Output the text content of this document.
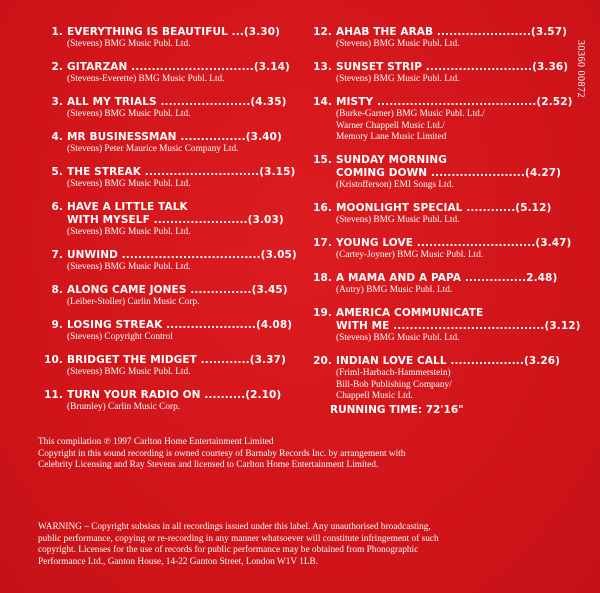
1. EVERYTHING IS BEAUTIFUL ...(3.30)
(Stevens) BMG Music Publ. Ltd.
2. GITARZAN ..............................(3.14)
(Stevens-Everette) BMG Music Publ. Ltd.
3. ALL MY TRIALS ......................(4.35)
(Stevens) BMG Music Publ. Ltd.
4. MR BUSINESSMAN ................(3.40)
(Stevens) Peter Maurice Music Company Ltd.
5. THE STREAK ............................(3.15)
(Stevens) BMG Music Publ. Ltd.
6. HAVE A LITTLE TALK
WITH MYSELF .......................(3.03)
(Stevens) BMG Music Publ. Ltd.
7. UNWIND ..................................(3.05)
(Stevens) BMG Music Publ. Ltd.
8. ALONG CAME JONES ...............(3.45)
(Leiber-Stoller) Carlin Music Corp.
9. LOSING STREAK ......................(4.08)
(Stevens) Copyright Control
10. BRIDGET THE MIDGET ............(3.37)
(Stevens) BMG Music Publ. Ltd.
11. TURN YOUR RADIO ON ..........(2.10)
(Brumley) Carlin Music Corp.
12. AHAB THE ARAB .......................(3.57)
(Stevens) BMG Music Publ. Ltd.
13. SUNSET STRIP ..........................(3.36)
(Stevens) BMG Music Publ. Ltd.
14. MISTY .......................................(2.52)
(Burke-Garner) BMG Music Publ. Ltd./
Warner Chappell Music Ltd./
Memory Lane Music Limited
15. SUNDAY MORNING
COMING DOWN .......................(4.27)
(Kristofferson) EMI Songs Ltd.
16. MOONLIGHT SPECIAL ............(5.12)
(Stevens) BMG Music Publ. Ltd.
17. YOUNG LOVE .............................(3.47)
(Cartey-Joyner) BMG Music Publ. Ltd.
18. A MAMA AND A PAPA ...............2.48)
(Autry) BMG Music Publ. Ltd.
19. AMERICA COMMUNICATE
WITH ME .....................................(3.12)
(Stevens) BMG Music Publ. Ltd.
20. INDIAN LOVE CALL ..................(3.26)
(Friml-Harbach-Hammerstein)
Bill-Bob Publishing Company/
Chappell Music Ltd.
RUNNING TIME: 72'16"
30360 00872

This compilation ℗ 1997 Carlton Home Entertainment Limited

Copyright in this sound recording is owned courtesy of Barnaby Records Inc. by arrangement with

Celebrity Licensing and Ray Stevens and licensed to Carlton Home Entertainment Limited.

WARNING – Copyright subsists in all recordings issued under this label. Any unauthorised broadcasting,

public performance, copying or re-recording in any manner whatsoever will constitute infringement of such

copyright. Licenses for the use of records for public performance may be obtained from Phonographic

Performance Ltd., Ganton House, 14-22 Ganton Street, London W1V 1LB.
